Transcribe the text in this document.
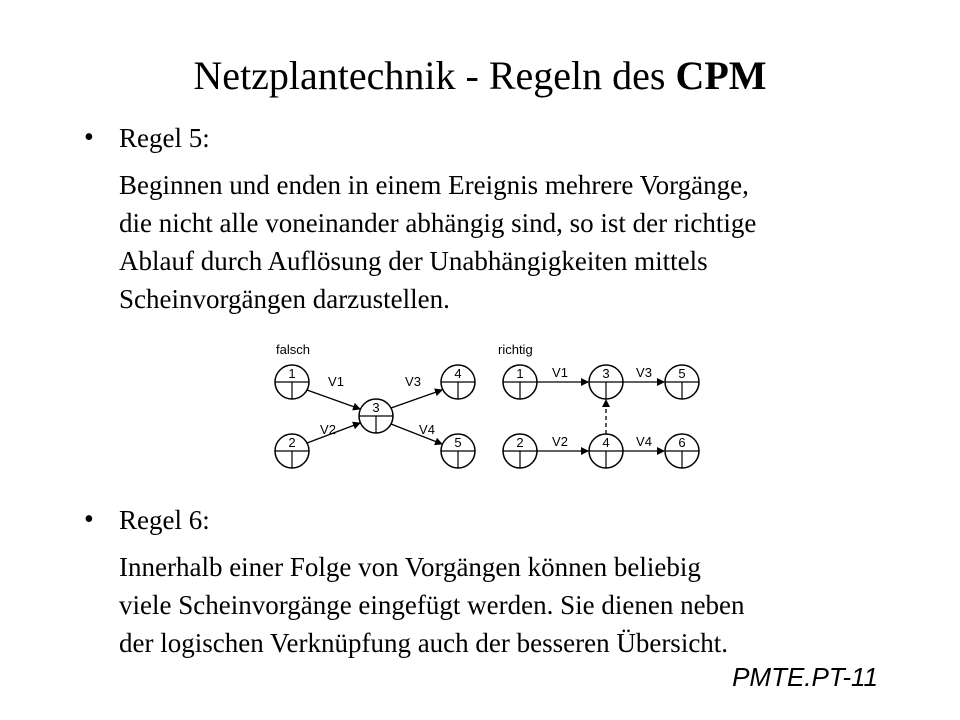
Netzplantechnik - Regeln des CPM
• Regel 5:
Beginnen und enden in einem Ereignis mehrere Vorgänge,
die nicht alle voneinander abhängig sind, so ist der richtige
Ablauf durch Auflösung der Unabhängigkeiten mittels
Scheinvorgängen darzustellen.
falsch
1
2
3
4
5
V1
V2
V3
V4
richtig
1	3	5
2	4	6
V1	V3
V2	V4
• Regel 6:
Innerhalb einer Folge von Vorgängen können beliebig
viele Scheinvorgänge eingefügt werden. Sie dienen neben
der logischen Verknüpfung auch der besseren Übersicht.
PMTE.PT-11
